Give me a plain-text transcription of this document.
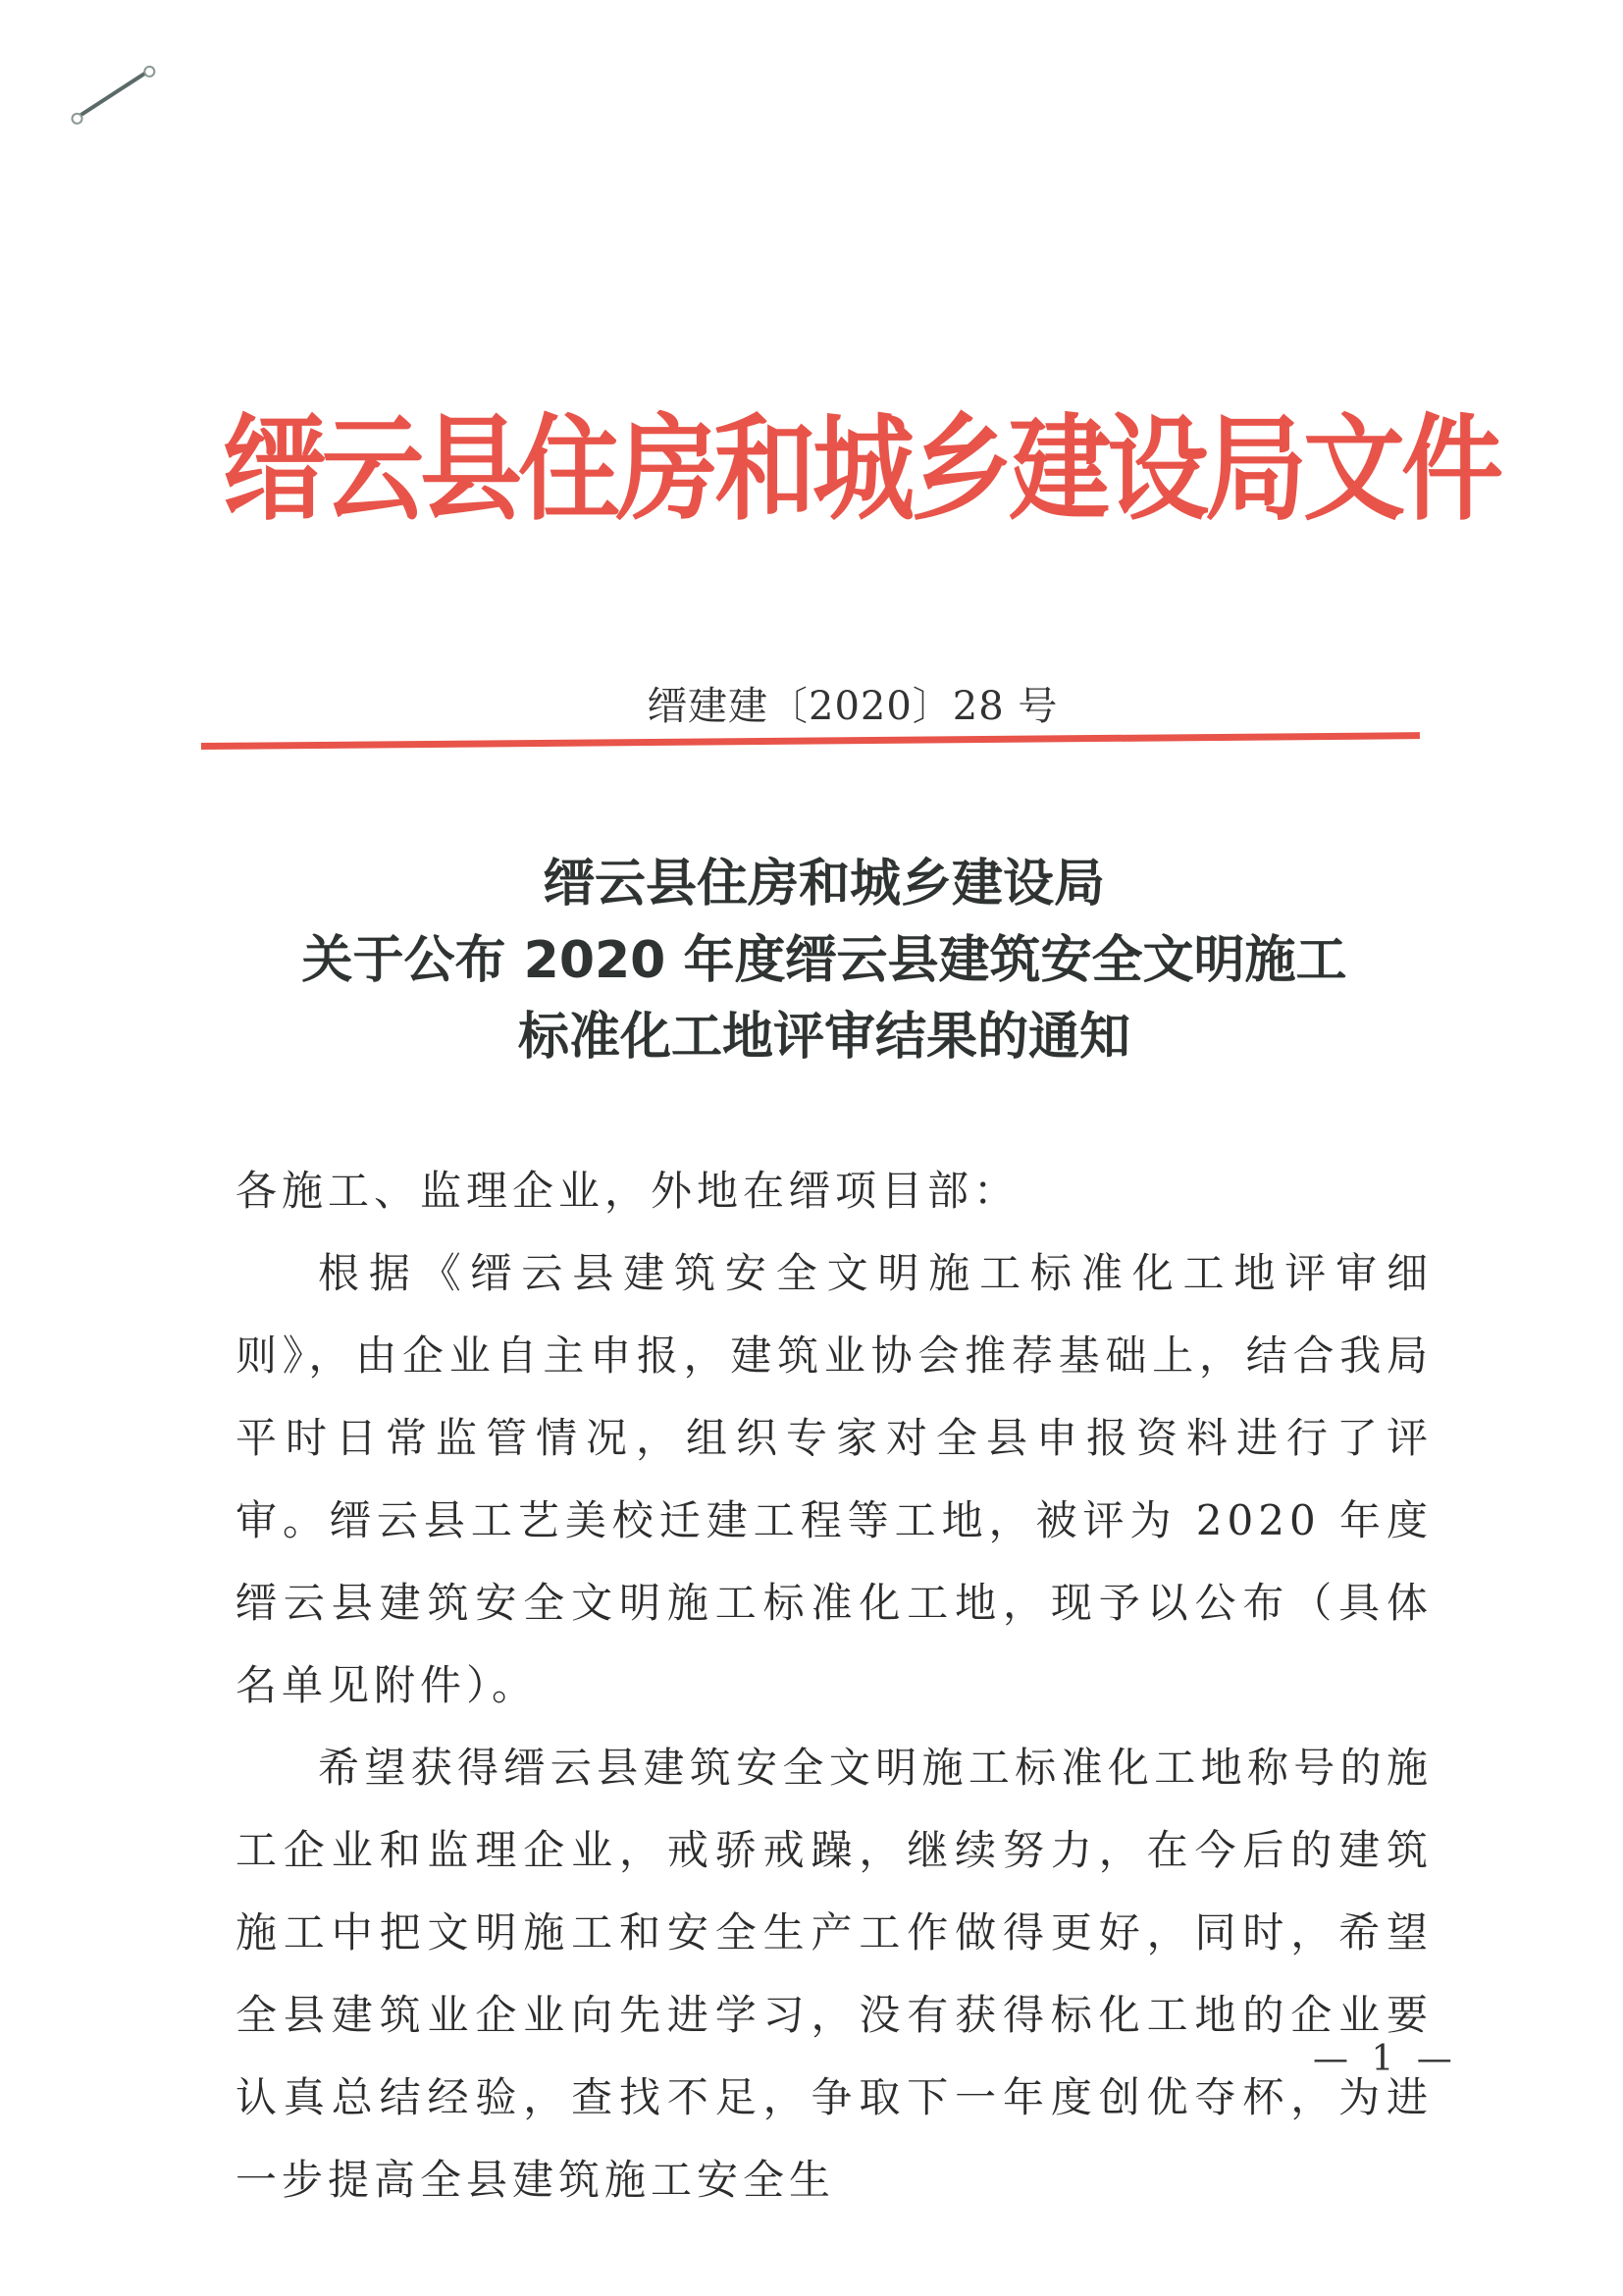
缙云县住房和城乡建设局文件
缙建建〔2020〕28 号
缙云县住房和城乡建设局
关于公布 2020 年度缙云县建筑安全文明施工
标准化工地评审结果的通知

各施工、监理企业，外地在缙项目部：

根据《缙云县建筑安全文明施工标准化工地评审细则》，由企业自主申报，建筑业协会推荐基础上，结合我局平时日常监管情况，组织专家对全县申报资料进行了评审。缙云县工艺美校迁建工程等工地，被评为 2020 年度缙云县建筑安全文明施工标准化工地，现予以公布（具体名单见附件）。

希望获得缙云县建筑安全文明施工标准化工地称号的施工企业和监理企业，戒骄戒躁，继续努力，在今后的建筑施工中把文明施工和安全生产工作做得更好，同时，希望全县建筑业企业向先进学习，没有获得标化工地的企业要认真总结经验，查找不足，争取下一年度创优夺杯，为进一步提高全县建筑施工安全生

— 1 —
